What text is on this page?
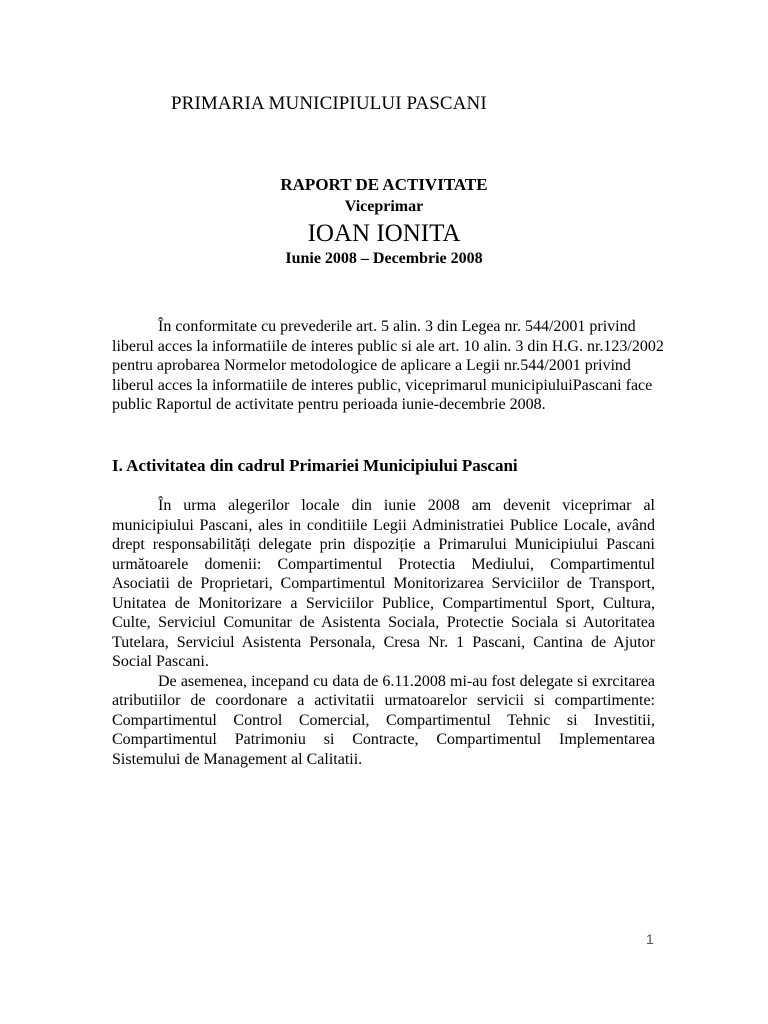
PRIMARIA MUNICIPIULUI PASCANI
RAPORT DE ACTIVITATE
Viceprimar
IOAN IONITA
Iunie 2008 – Decembrie 2008

În conformitate cu prevederile art. 5 alin. 3 din Legea nr. 544/2001 privind liberul acces la informatiile de interes public si ale art. 10 alin. 3 din H.G. nr.123/2002 pentru aprobarea Normelor metodologice de aplicare a Legii nr.544/2001 privind liberul acces la informatiile de interes public, viceprimarul municipiuluiPascani face public Raportul de activitate pentru perioada iunie-decembrie 2008.

I. Activitatea din cadrul Primariei Municipiului Pascani

În urma alegerilor locale din iunie 2008 am devenit viceprimar al municipiului Pascani, ales in conditiile Legii Administratiei Publice Locale, având drept responsabilități delegate prin dispoziție a Primarului Municipiului Pascani următoarele domenii: Compartimentul Protectia Mediului, Compartimentul Asociatii de Proprietari, Compartimentul Monitorizarea Serviciilor de Transport, Unitatea de Monitorizare a Serviciilor Publice, Compartimentul Sport, Cultura, Culte, Serviciul Comunitar de Asistenta Sociala, Protectie Sociala si Autoritatea Tutelara, Serviciul Asistenta Personala, Cresa Nr. 1 Pascani, Cantina de Ajutor Social Pascani.

De asemenea, incepand cu data de 6.11.2008 mi-au fost delegate si exrcitarea atributiilor de coordonare a activitatii urmatoarelor servicii si compartimente: Compartimentul Control Comercial, Compartimentul Tehnic si Investitii, Compartimentul Patrimoniu si Contracte, Compartimentul Implementarea Sistemului de Management al Calitatii.

1
